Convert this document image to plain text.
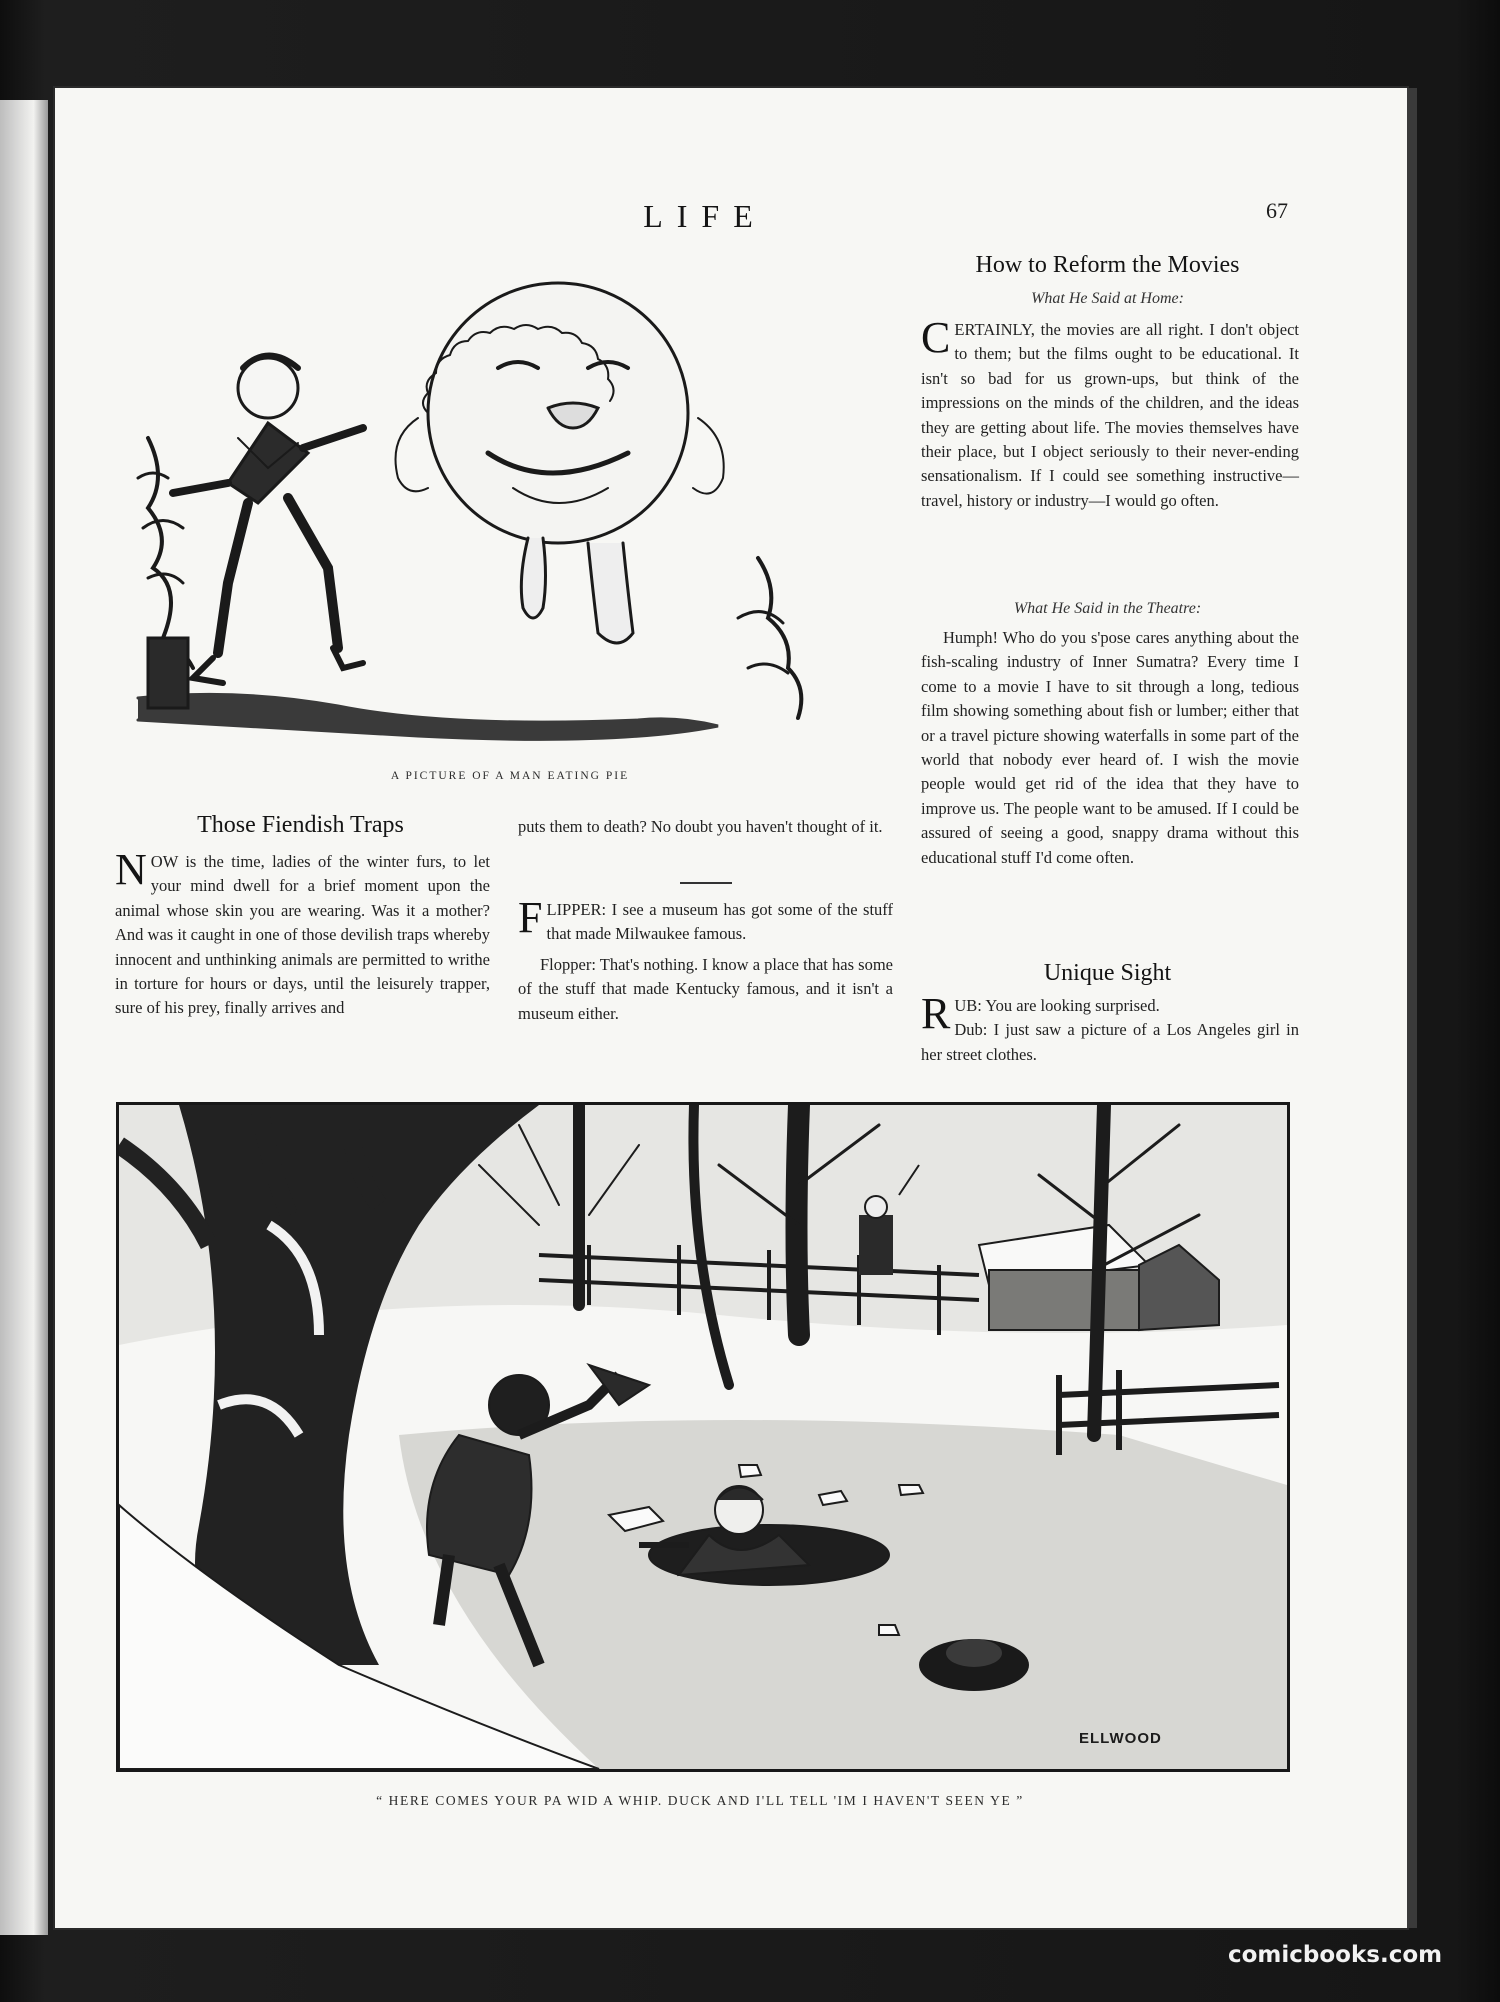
LIFE	67
A PICTURE OF A MAN EATING PIE
Those Fiendish Traps
N OW is the time, ladies of the winter furs, to let your mind dwell for a brief moment upon the animal whose skin you are wearing. Was it a mother? And was it caught in one of those devilish traps whereby innocent and unthinking animals are permitted to writhe in torture for hours or days, until the leisurely trapper, sure of his prey, finally arrives and
puts them to death? No doubt you haven't thought of it.

F LIPPER: I see a museum has got some of the stuff that made Milwaukee famous.

Flopper: That's nothing. I know a place that has some of the stuff that made Kentucky famous, and it isn't a museum either.

How to Reform the Movies
What He Said at Home:
C ERTAINLY, the movies are all right. I don't object to them; but the films ought to be educational. It isn't so bad for us grown-ups, but think of the impressions on the minds of the children, and the ideas they are getting about life. The movies themselves have their place, but I object seriously to their never-ending sensationalism. If I could see something instructive—travel, history or industry—I would go often.
What He Said in the Theatre:
Humph! Who do you s'pose cares anything about the fish-scaling industry of Inner Sumatra? Every time I come to a movie I have to sit through a long, tedious film showing something about fish or lumber; either that or a travel picture showing waterfalls in some part of the world that nobody ever heard of. I wish the movie people would get rid of the idea that they have to improve us. The people want to be amused. If I could be assured of seeing a good, snappy drama without this educational stuff I'd come often.
Unique Sight

R UB: You are looking surprised.

Dub: I just saw a picture of a Los Angeles girl in her street clothes.

ELLWOOD
“ HERE COMES YOUR PA WID A WHIP. DUCK AND I'LL TELL 'IM I HAVEN'T SEEN YE ”
comicbooks.com
